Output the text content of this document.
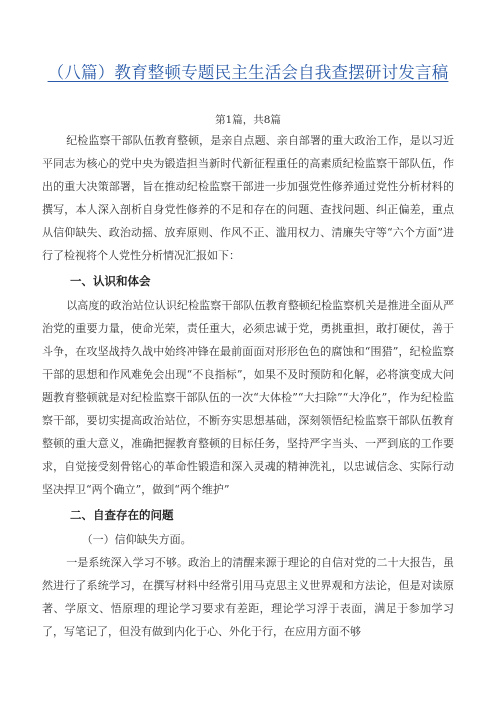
（八篇）教育整顿专题民主生活会自我查摆研讨发言稿
第1篇，共8篇

纪检监察干部队伍教育整顿，是亲自点题、亲自部署的重大政治工作，是以习近平同志为核心的党中央为锻造担当新时代新征程重任的高素质纪检监察干部队伍，作出的重大决策部署，旨在推动纪检监察干部进一步加强党性修养通过党性分析材料的撰写，本人深入剖析自身党性修养的不足和存在的问题、查找问题、纠正偏差，重点从信仰缺失、政治动摇、放弃原则、作风不正、滥用权力、清廉失守等“六个方面”进行了检视将个人党性分析情况汇报如下：

一、认识和体会

以高度的政治站位认识纪检监察干部队伍教育整顿纪检监察机关是推进全面从严治党的重要力量，使命光荣，责任重大，必须忠诚于党，勇挑重担，敢打硬仗，善于斗争，在攻坚战持久战中始终冲锋在最前面面对形形色色的腐蚀和“围猎”，纪检监察干部的思想和作风难免会出现“不良指标”，如果不及时预防和化解，必将演变成大问题教育整顿就是对纪检监察干部队伍的一次“大体检”“大扫除”“大净化”，作为纪检监察干部，要切实提高政治站位，不断夯实思想基础，深刻领悟纪检监察干部队伍教育整顿的重大意义，准确把握教育整顿的目标任务，坚持严字当头、一严到底的工作要求，自觉接受刻骨铭心的革命性锻造和深入灵魂的精神洗礼，以忠诚信念、实际行动坚决捍卫“两个确立”，做到“两个维护”

二、自查存在的问题

（一）信仰缺失方面。

一是系统深入学习不够。政治上的清醒来源于理论的自信对党的二十大报告，虽然进行了系统学习，在撰写材料中经常引用马克思主义世界观和方法论，但是对读原著、学原文、悟原理的理论学习要求有差距，理论学习浮于表面，满足于参加学习了，写笔记了，但没有做到内化于心、外化于行，在应用方面不够
